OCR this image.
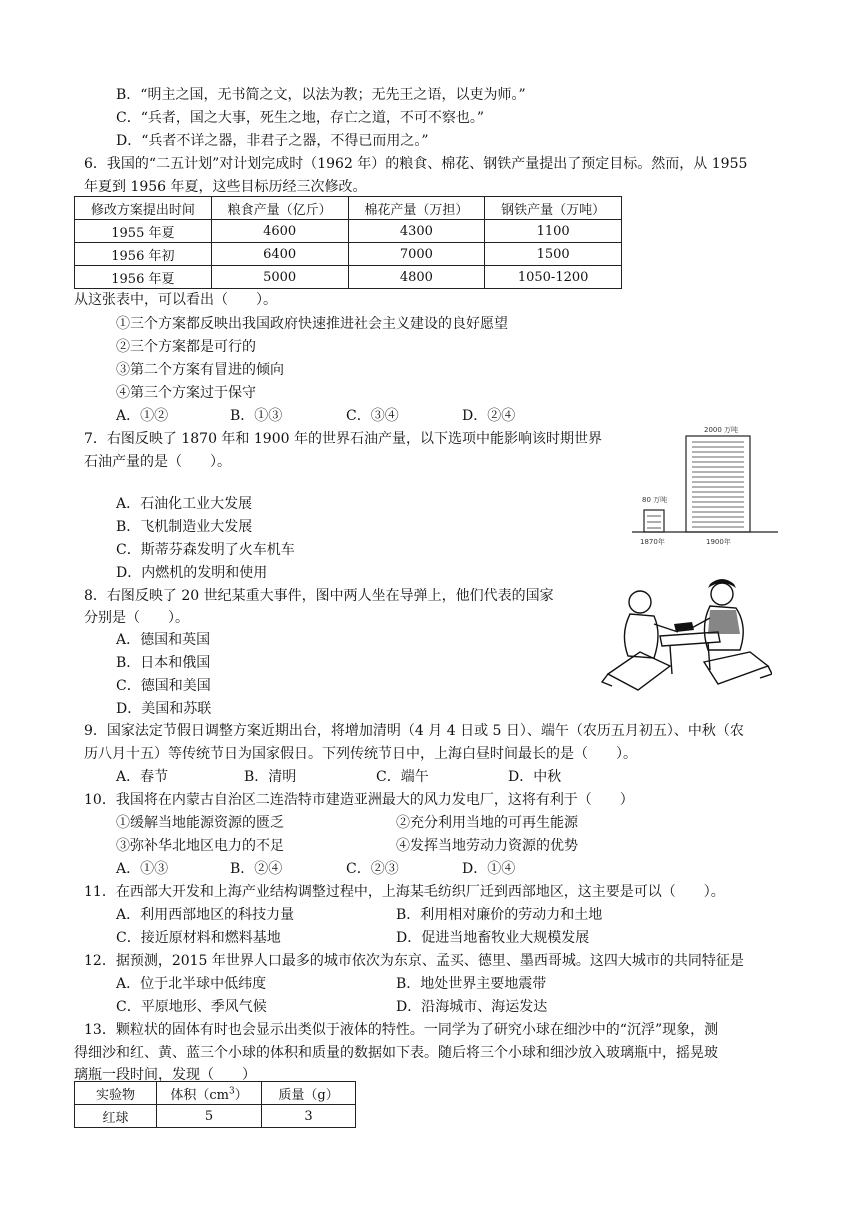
B．“明主之国，无书简之文，以法为教；无先王之语，以吏为师。”
C．“兵者，国之大事，死生之地，存亡之道，不可不察也。”
D．“兵者不详之器，非君子之器，不得已而用之。”
6．我国的“二五计划”对计划完成时（1962 年）的粮食、棉花、钢铁产量提出了预定目标。然而，从 1955
年夏到 1956 年夏，这些目标历经三次修改。
修改方案提出时间	粮食产量（亿斤）	棉花产量（万担）	钢铁产量（万吨）
1955 年夏	4600	4300	1100
1956 年初	6400	7000	1500
1956 年夏	5000	4800	1050-1200
从这张表中，可以看出（　　）。
①三个方案都反映出我国政府快速推进社会主义建设的良好愿望
②三个方案都是可行的
③第二个方案有冒进的倾向
④第三个方案过于保守
A．①②	B．①③	C．③④	D．②④
7．右图反映了 1870 年和 1900 年的世界石油产量，以下选项中能影响该时期世界
石油产量的是（　　）。
A．石油化工业大发展
B．飞机制造业大发展
C．斯蒂芬森发明了火车机车
D．内燃机的发明和使用
2000 万吨
80 万吨
1870年	1900年
8．右图反映了 20 世纪某重大事件，图中两人坐在导弹上，他们代表的国家
分别是（　　）。
A．德国和英国
B．日本和俄国
C．德国和美国
D．美国和苏联
9．国家法定节假日调整方案近期出台，将增加清明（4 月 4 日或 5 日）、端午（农历五月初五）、中秋（农
历八月十五）等传统节日为国家假日。下列传统节日中，上海白昼时间最长的是（　　）。
A．春节	B．清明	C．端午	D．中秋
10．我国将在内蒙古自治区二连浩特市建造亚洲最大的风力发电厂，这将有利于（　　）
①缓解当地能源资源的匮乏	②充分利用当地的可再生能源
③弥补华北地区电力的不足	④发挥当地劳动力资源的优势
A．①③	B．②④	C．②③	D．①④
11．在西部大开发和上海产业结构调整过程中，上海某毛纺织厂迁到西部地区，这主要是可以（　　）。
A．利用西部地区的科技力量	B．利用相对廉价的劳动力和土地
C．接近原材料和燃料基地	D．促进当地畜牧业大规模发展
12．据预测，2015 年世界人口最多的城市依次为东京、孟买、德里、墨西哥城。这四大城市的共同特征是
A．位于北半球中低纬度	B．地处世界主要地震带
C．平原地形、季风气候	D．沿海城市、海运发达
13．颗粒状的固体有时也会显示出类似于液体的特性。一同学为了研究小球在细沙中的“沉浮”现象，测
得细沙和红、黄、蓝三个小球的体积和质量的数据如下表。随后将三个小球和细沙放入玻璃瓶中，摇晃玻
璃瓶一段时间，发现（　　）
实验物	体积$(cm^3)$	质量（g）
红球	5	3
